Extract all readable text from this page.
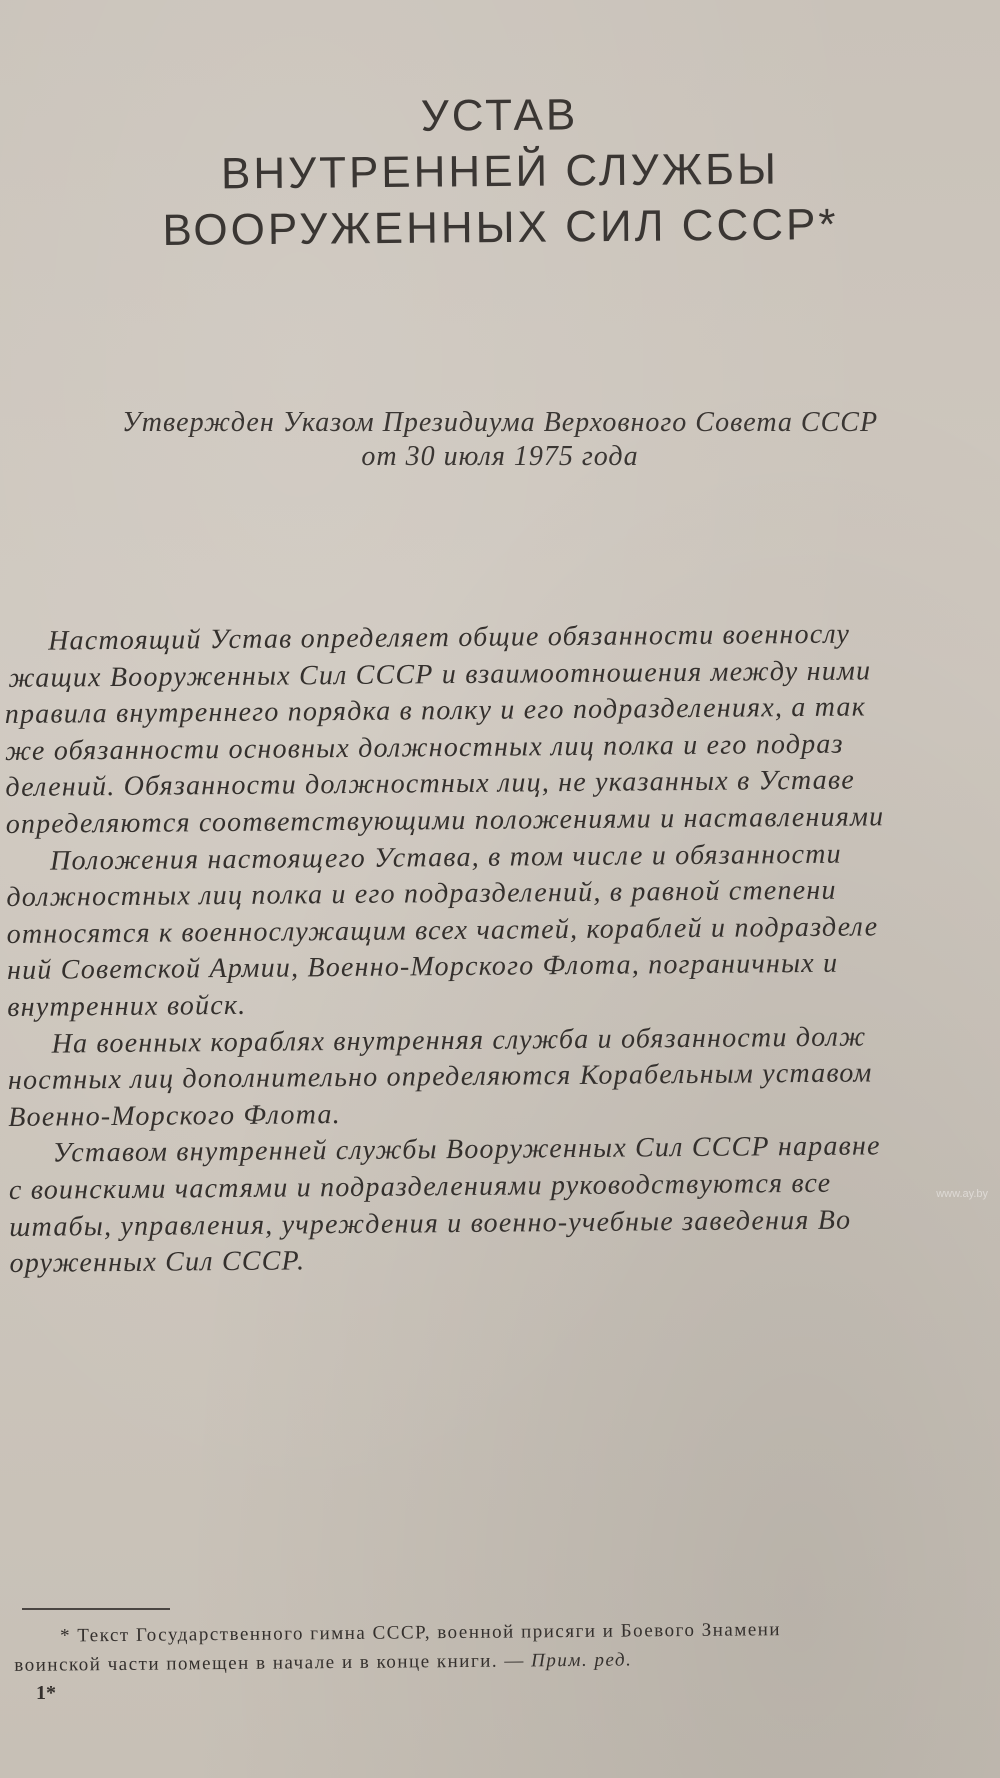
УСТАВ
ВНУТРЕННЕЙ СЛУЖБЫ
ВООРУЖЕННЫХ СИЛ СССР*
Утвержден Указом Президиума Верховного Совета СССР
от 30 июля 1975 года
Настоящий Устав определяет общие обязанности военнослу
жащих Вооруженных Сил СССР и взаимоотношения между ними
правила внутреннего порядка в полку и его подразделениях, а так
же обязанности основных должностных лиц полка и его подраз
делений. Обязанности должностных лиц, не указанных в Уставе
определяются соответствующими положениями и наставлениями
Положения настоящего Устава, в том числе и обязанности
должностных лиц полка и его подразделений, в равной степени
относятся к военнослужащим всех частей, кораблей и подразделе
ний Советской Армии, Военно-Морского Флота, пограничных и
внутренних войск.
На военных кораблях внутренняя служба и обязанности долж
ностных лиц дополнительно определяются Корабельным уставом
Военно-Морского Флота.
Уставом внутренней службы Вооруженных Сил СССР наравне
с воинскими частями и подразделениями руководствуются все
штабы, управления, учреждения и военно-учебные заведения Во
оруженных Сил СССР.
* Текст Государственного гимна СССР, военной присяги и Боевого Знамени
воинской части помещен в начале и в конце книги. — Прим. ред.
1*
www.ay.by
